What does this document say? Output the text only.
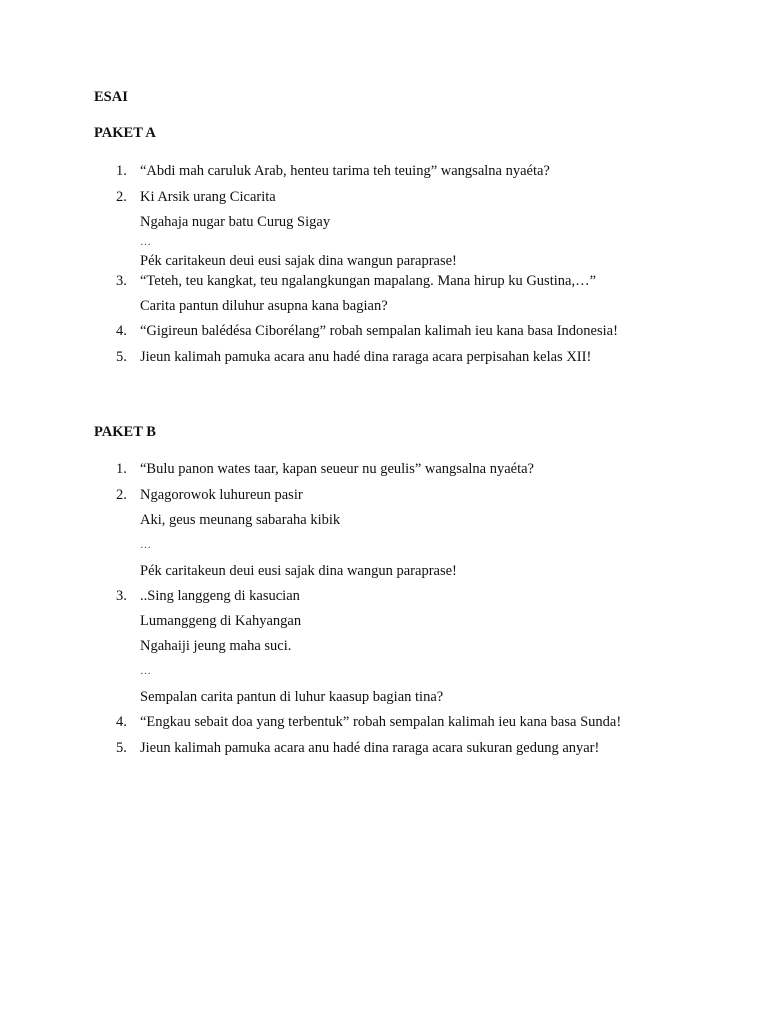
ESAI
PAKET A
1. “Abdi mah caruluk Arab, henteu tarima teh teuing” wangsalna nyaéta?
2. Ki Arsik urang Cicarita
Ngahaja nugar batu Curug Sigay
…
Pék caritakeun deui eusi sajak dina wangun paraprase!
3. “Teteh, teu kangkat, teu ngalangkungan mapalang. Mana hirup ku Gustina,…”
Carita pantun diluhur asupna kana bagian?
4. “Gigireun balédésa Ciborélang” robah sempalan kalimah ieu kana basa Indonesia!
5. Jieun kalimah pamuka acara anu hadé dina raraga acara perpisahan kelas XII!
PAKET B
1. “Bulu panon wates taar, kapan seueur nu geulis” wangsalna nyaéta?
2. Ngagorowok luhureun pasir
Aki, geus meunang sabaraha kibik
…
Pék caritakeun deui eusi sajak dina wangun paraprase!
3. ..Sing langgeng di kasucian
Lumanggeng di Kahyangan
Ngahaiji jeung maha suci.
…
Sempalan carita pantun di luhur kaasup bagian tina?
4. “Engkau sebait doa yang terbentuk” robah sempalan kalimah ieu kana basa Sunda!
5. Jieun kalimah pamuka acara anu hadé dina raraga acara sukuran gedung anyar!
